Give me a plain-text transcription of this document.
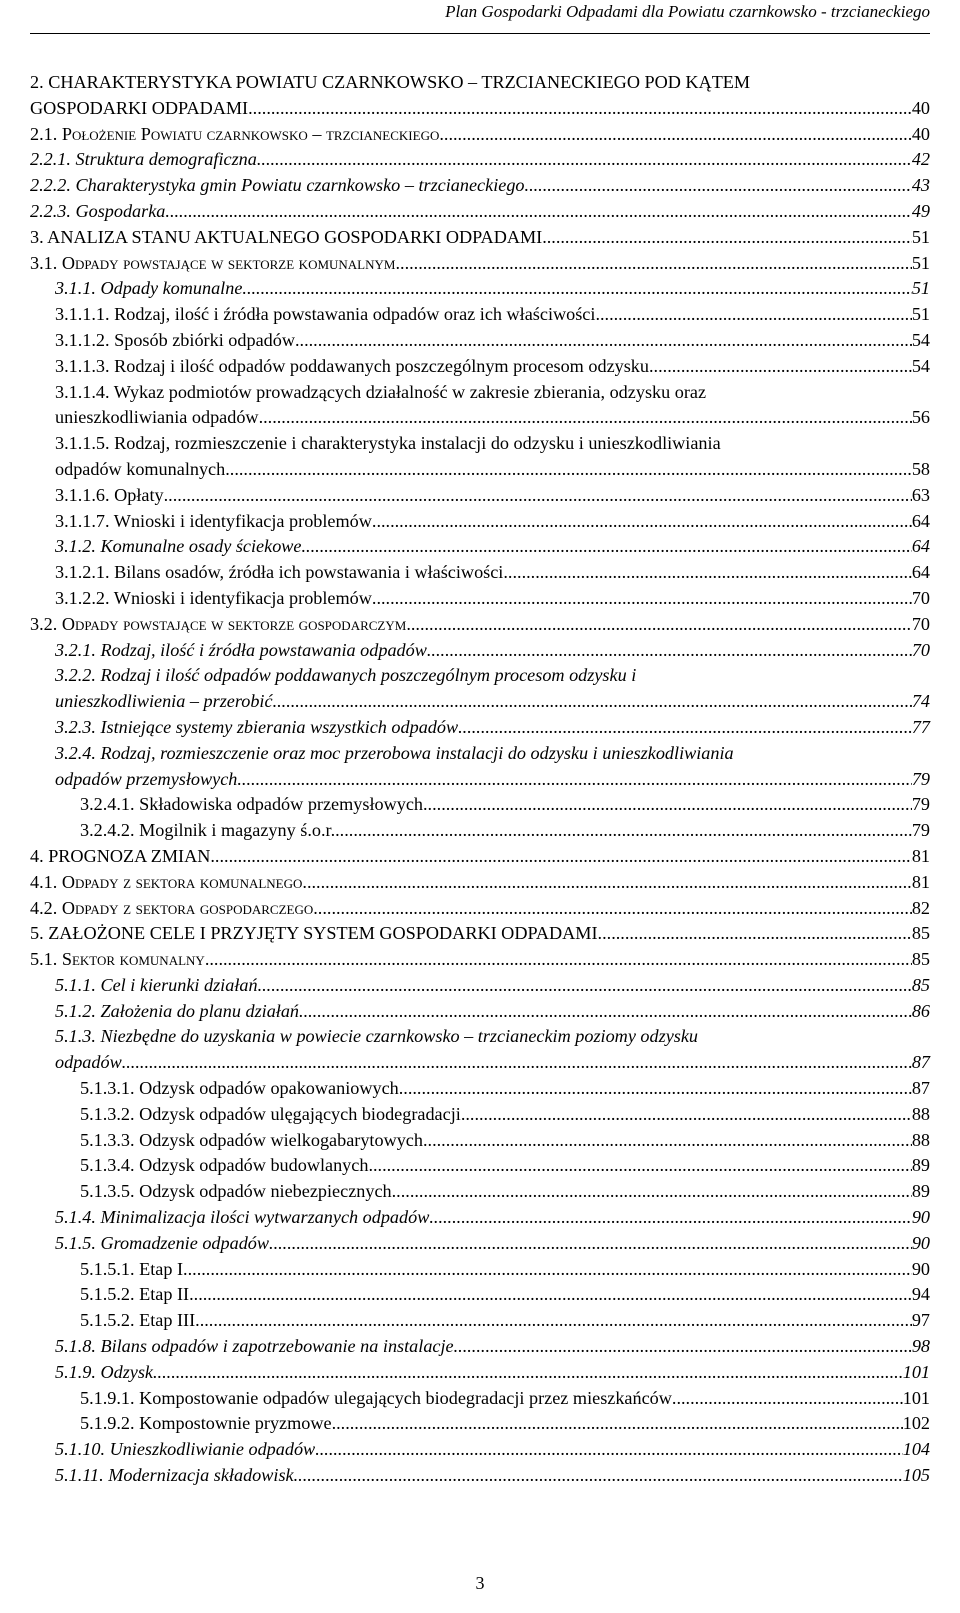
Plan Gospodarki Odpadami dla Powiatu czarnkowsko - trzcianeckiego
2. CHARAKTERYSTYKA POWIATU CZARNKOWSKO – TRZCIANECKIEGO POD KĄTEM
GOSPODARKI ODPADAMI. .....	40
2.1. Położenie Powiatu czarnkowsko – trzcianeckiego .....	40
2.2.1. Struktura demograficzna .....	42
2.2.2. Charakterystyka gmin Powiatu czarnkowsko – trzcianeckiego .....	43
2.2.3. Gospodarka .....	49
3. ANALIZA STANU AKTUALNEGO GOSPODARKI ODPADAMI .....	51
3.1. Odpady powstające w sektorze komunalnym .....	51
3.1.1. Odpady komunalne .....	51
3.1.1.1. Rodzaj, ilość i źródła powstawania odpadów oraz ich właściwości .....	51
3.1.1.2. Sposób zbiórki odpadów .....	54
3.1.1.3. Rodzaj i ilość odpadów poddawanych poszczególnym procesom odzysku .....	54
3.1.1.4. Wykaz podmiotów prowadzących działalność w zakresie zbierania, odzysku oraz
unieszkodliwiania odpadów .....	56
3.1.1.5. Rodzaj, rozmieszczenie i charakterystyka instalacji do odzysku i unieszkodliwiania
odpadów komunalnych .....	58
3.1.1.6. Opłaty .....	63
3.1.1.7. Wnioski i identyfikacja problemów .....	64
3.1.2. Komunalne osady ściekowe .....	64
3.1.2.1. Bilans osadów, źródła ich powstawania i właściwości .....	64
3.1.2.2. Wnioski i identyfikacja problemów .....	70
3.2. Odpady powstające w sektorze gospodarczym .....	70
3.2.1. Rodzaj, ilość i źródła powstawania odpadów .....	70
3.2.2. Rodzaj i ilość odpadów poddawanych poszczególnym procesom odzysku i
unieszkodliwienia – przerobić .....	74
3.2.3. Istniejące systemy zbierania wszystkich odpadów .....	77
3.2.4. Rodzaj, rozmieszczenie oraz moc przerobowa instalacji do odzysku i unieszkodliwiania
odpadów przemysłowych .....	79
3.2.4.1. Składowiska odpadów przemysłowych .....	79
3.2.4.2. Mogilnik i magazyny ś.o.r. .....	79
4. PROGNOZA ZMIAN .....	81
4.1. Odpady z sektora komunalnego .....	81
4.2. Odpady z sektora gospodarczego .....	82
5. ZAŁOŻONE CELE I PRZYJĘTY SYSTEM GOSPODARKI ODPADAMI .....	85
5.1. Sektor komunalny .....	85
5.1.1. Cel i kierunki działań .....	85
5.1.2. Założenia do planu działań .....	86
5.1.3. Niezbędne do uzyskania w powiecie czarnkowsko – trzcianeckim poziomy odzysku
odpadów .....	87
5.1.3.1. Odzysk odpadów opakowaniowych .....	87
5.1.3.2. Odzysk odpadów ulęgających biodegradacji .....	88
5.1.3.3. Odzysk odpadów wielkogabarytowych .....	88
5.1.3.4. Odzysk odpadów budowlanych .....	89
5.1.3.5. Odzysk odpadów niebezpiecznych .....	89
5.1.4. Minimalizacja ilości wytwarzanych odpadów .....	90
5.1.5. Gromadzenie odpadów .....	90
5.1.5.1. Etap I .....	90
5.1.5.2. Etap II .....	94
5.1.5.2. Etap III .....	97
5.1.8. Bilans odpadów i zapotrzebowanie na instalacje .....	98
5.1.9. Odzysk .....	101
5.1.9.1. Kompostowanie odpadów ulegających biodegradacji przez mieszkańców .....	101
5.1.9.2. Kompostownie pryzmowe .....	102
5.1.10. Unieszkodliwianie odpadów .....	104
5.1.11. Modernizacja składowisk .....	105
3
